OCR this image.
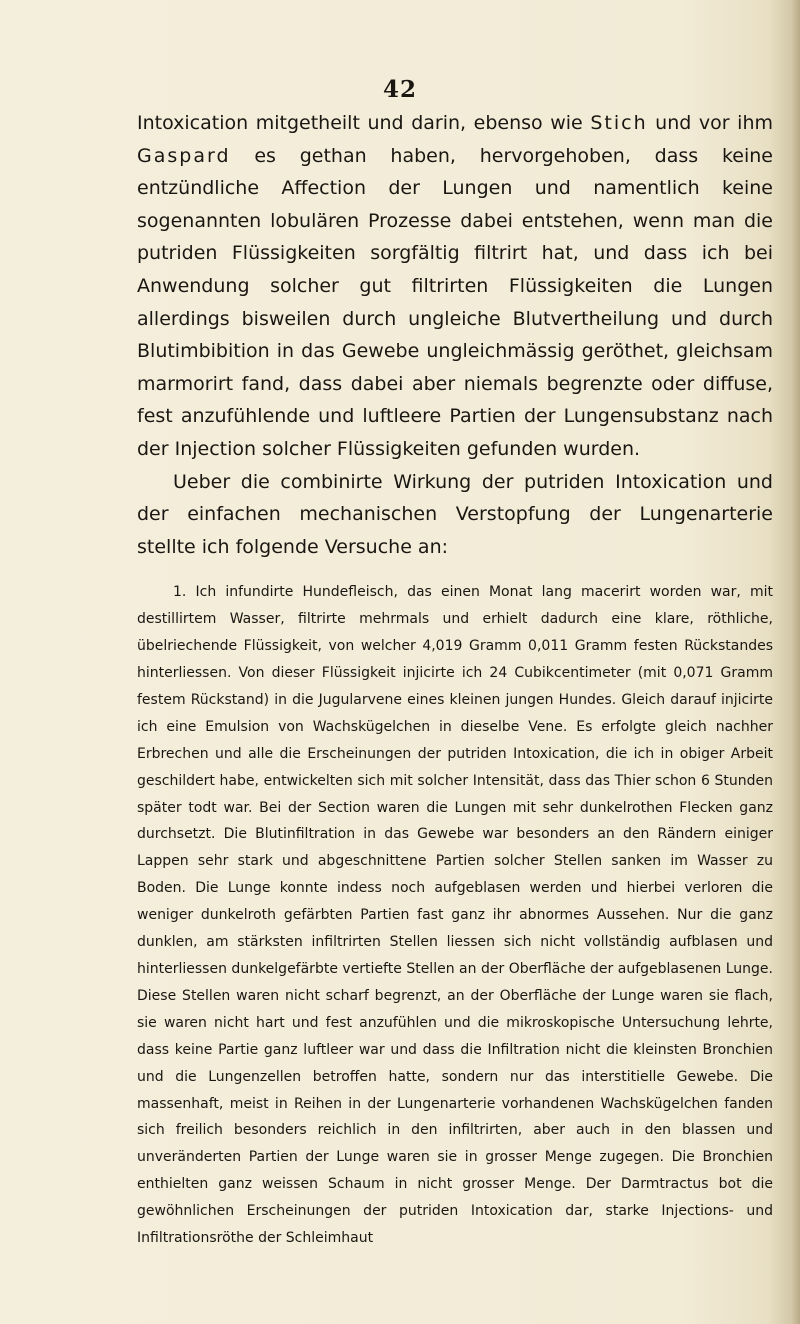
42

Intoxication mitgetheilt und darin, ebenso wie Stich und vor ihm Gaspard es gethan haben, hervorgehoben, dass keine entzündliche Affection der Lungen und namentlich keine sogenannten lobulären Prozesse dabei entstehen, wenn man die putriden Flüssigkeiten sorgfältig filtrirt hat, und dass ich bei Anwendung solcher gut filtrirten Flüssigkeiten die Lungen allerdings bisweilen durch ungleiche Blutvertheilung und durch Blutimbibition in das Gewebe ungleichmässig geröthet, gleichsam marmorirt fand, dass dabei aber niemals begrenzte oder diffuse, fest anzufühlende und luftleere Partien der Lungensubstanz nach der Injection solcher Flüssigkeiten gefunden wurden.

Ueber die combinirte Wirkung der putriden Intoxication und der einfachen mechanischen Verstopfung der Lungenarterie stellte ich folgende Versuche an:

1. Ich infundirte Hundefleisch, das einen Monat lang macerirt worden war, mit destillirtem Wasser, filtrirte mehrmals und erhielt dadurch eine klare, röthliche, übelriechende Flüssigkeit, von welcher 4,019 Gramm 0,011 Gramm festen Rückstandes hinterliessen. Von dieser Flüssigkeit injicirte ich 24 Cubikcentimeter (mit 0,071 Gramm festem Rückstand) in die Jugularvene eines kleinen jungen Hundes. Gleich darauf injicirte ich eine Emulsion von Wachskügelchen in dieselbe Vene. Es erfolgte gleich nachher Erbrechen und alle die Erscheinungen der putriden Intoxication, die ich in obiger Arbeit geschildert habe, entwickelten sich mit solcher Intensität, dass das Thier schon 6 Stunden später todt war. Bei der Section waren die Lungen mit sehr dunkelrothen Flecken ganz durchsetzt. Die Blutinfiltration in das Gewebe war besonders an den Rändern einiger Lappen sehr stark und abgeschnittene Partien solcher Stellen sanken im Wasser zu Boden. Die Lunge konnte indess noch aufgeblasen werden und hierbei verloren die weniger dunkelroth gefärbten Partien fast ganz ihr abnormes Aussehen. Nur die ganz dunklen, am stärksten infiltrirten Stellen liessen sich nicht vollständig aufblasen und hinterliessen dunkelgefärbte vertiefte Stellen an der Oberfläche der aufgeblasenen Lunge. Diese Stellen waren nicht scharf begrenzt, an der Oberfläche der Lunge waren sie flach, sie waren nicht hart und fest anzufühlen und die mikroskopische Untersuchung lehrte, dass keine Partie ganz luftleer war und dass die Infiltration nicht die kleinsten Bronchien und die Lungenzellen betroffen hatte, sondern nur das interstitielle Gewebe. Die massenhaft, meist in Reihen in der Lungenarterie vorhandenen Wachskügelchen fanden sich freilich besonders reichlich in den infiltrirten, aber auch in den blassen und unveränderten Partien der Lunge waren sie in grosser Menge zugegen. Die Bronchien enthielten ganz weissen Schaum in nicht grosser Menge. Der Darmtractus bot die gewöhnlichen Erscheinungen der putriden Intoxication dar, starke Injections- und Infiltrationsröthe der Schleimhaut
